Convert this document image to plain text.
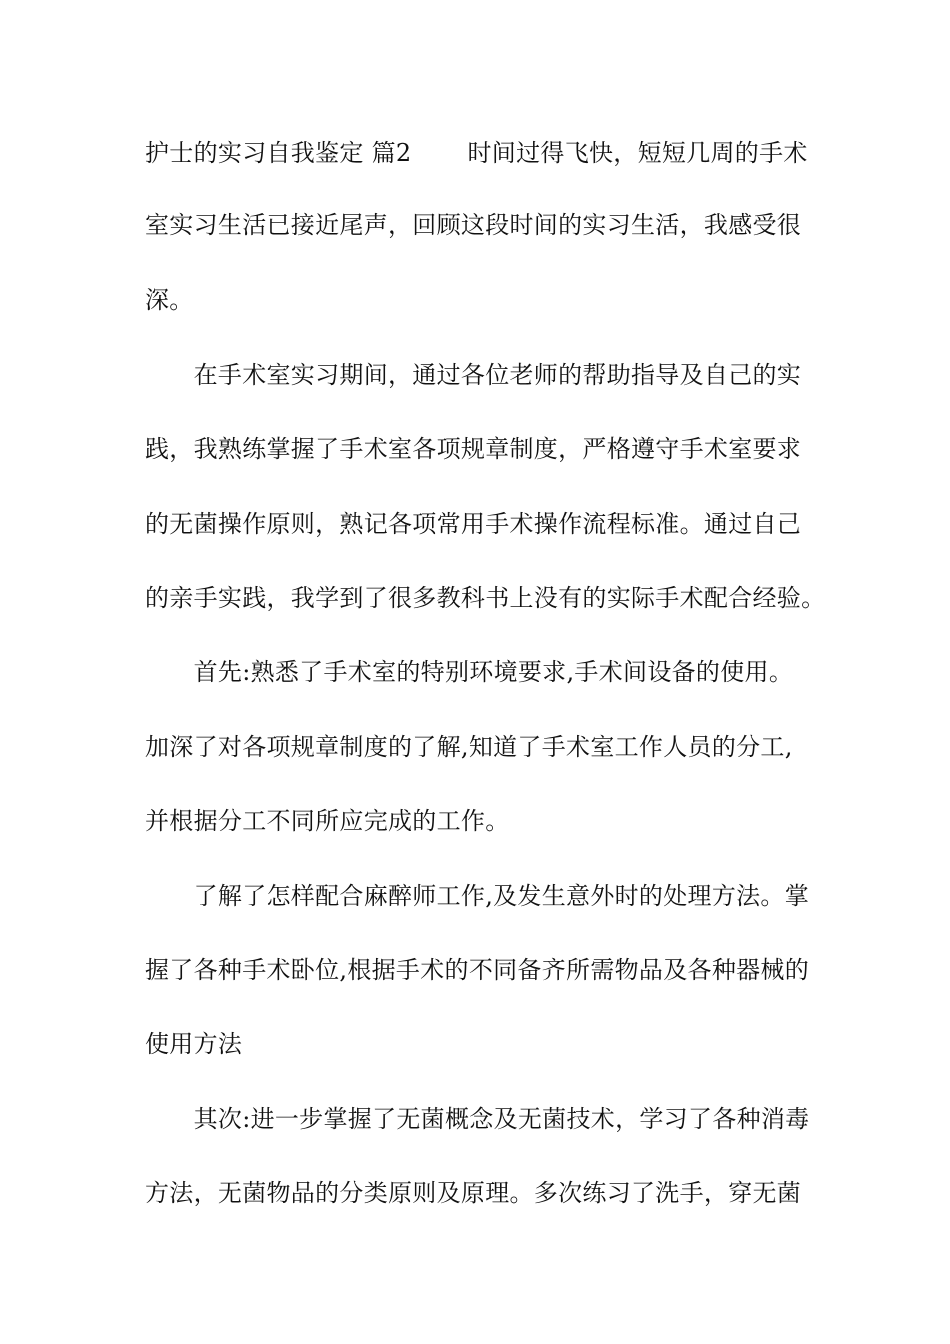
护士的实习自我鉴定 篇2 时间过得飞快，短短几周的手术
室实习生活已接近尾声，回顾这段时间的实习生活，我感受很
深。
　　在手术室实习期间，通过各位老师的帮助指导及自己的实
践，我熟练掌握了手术室各项规章制度，严格遵守手术室要求
的无菌操作原则，熟记各项常用手术操作流程标准。通过自己
的亲手实践，我学到了很多教科书上没有的实际手术配合经验。
　　首先:熟悉了手术室的特别环境要求,手术间设备的使用。
加深了对各项规章制度的了解,知道了手术室工作人员的分工,
并根据分工不同所应完成的工作。
　　了解了怎样配合麻醉师工作,及发生意外时的处理方法。掌
握了各种手术卧位,根据手术的不同备齐所需物品及各种器械的
使用方法
　　其次:进一步掌握了无菌概念及无菌技术，学习了各种消毒
方法，无菌物品的分类原则及原理。多次练习了洗手，穿无菌
